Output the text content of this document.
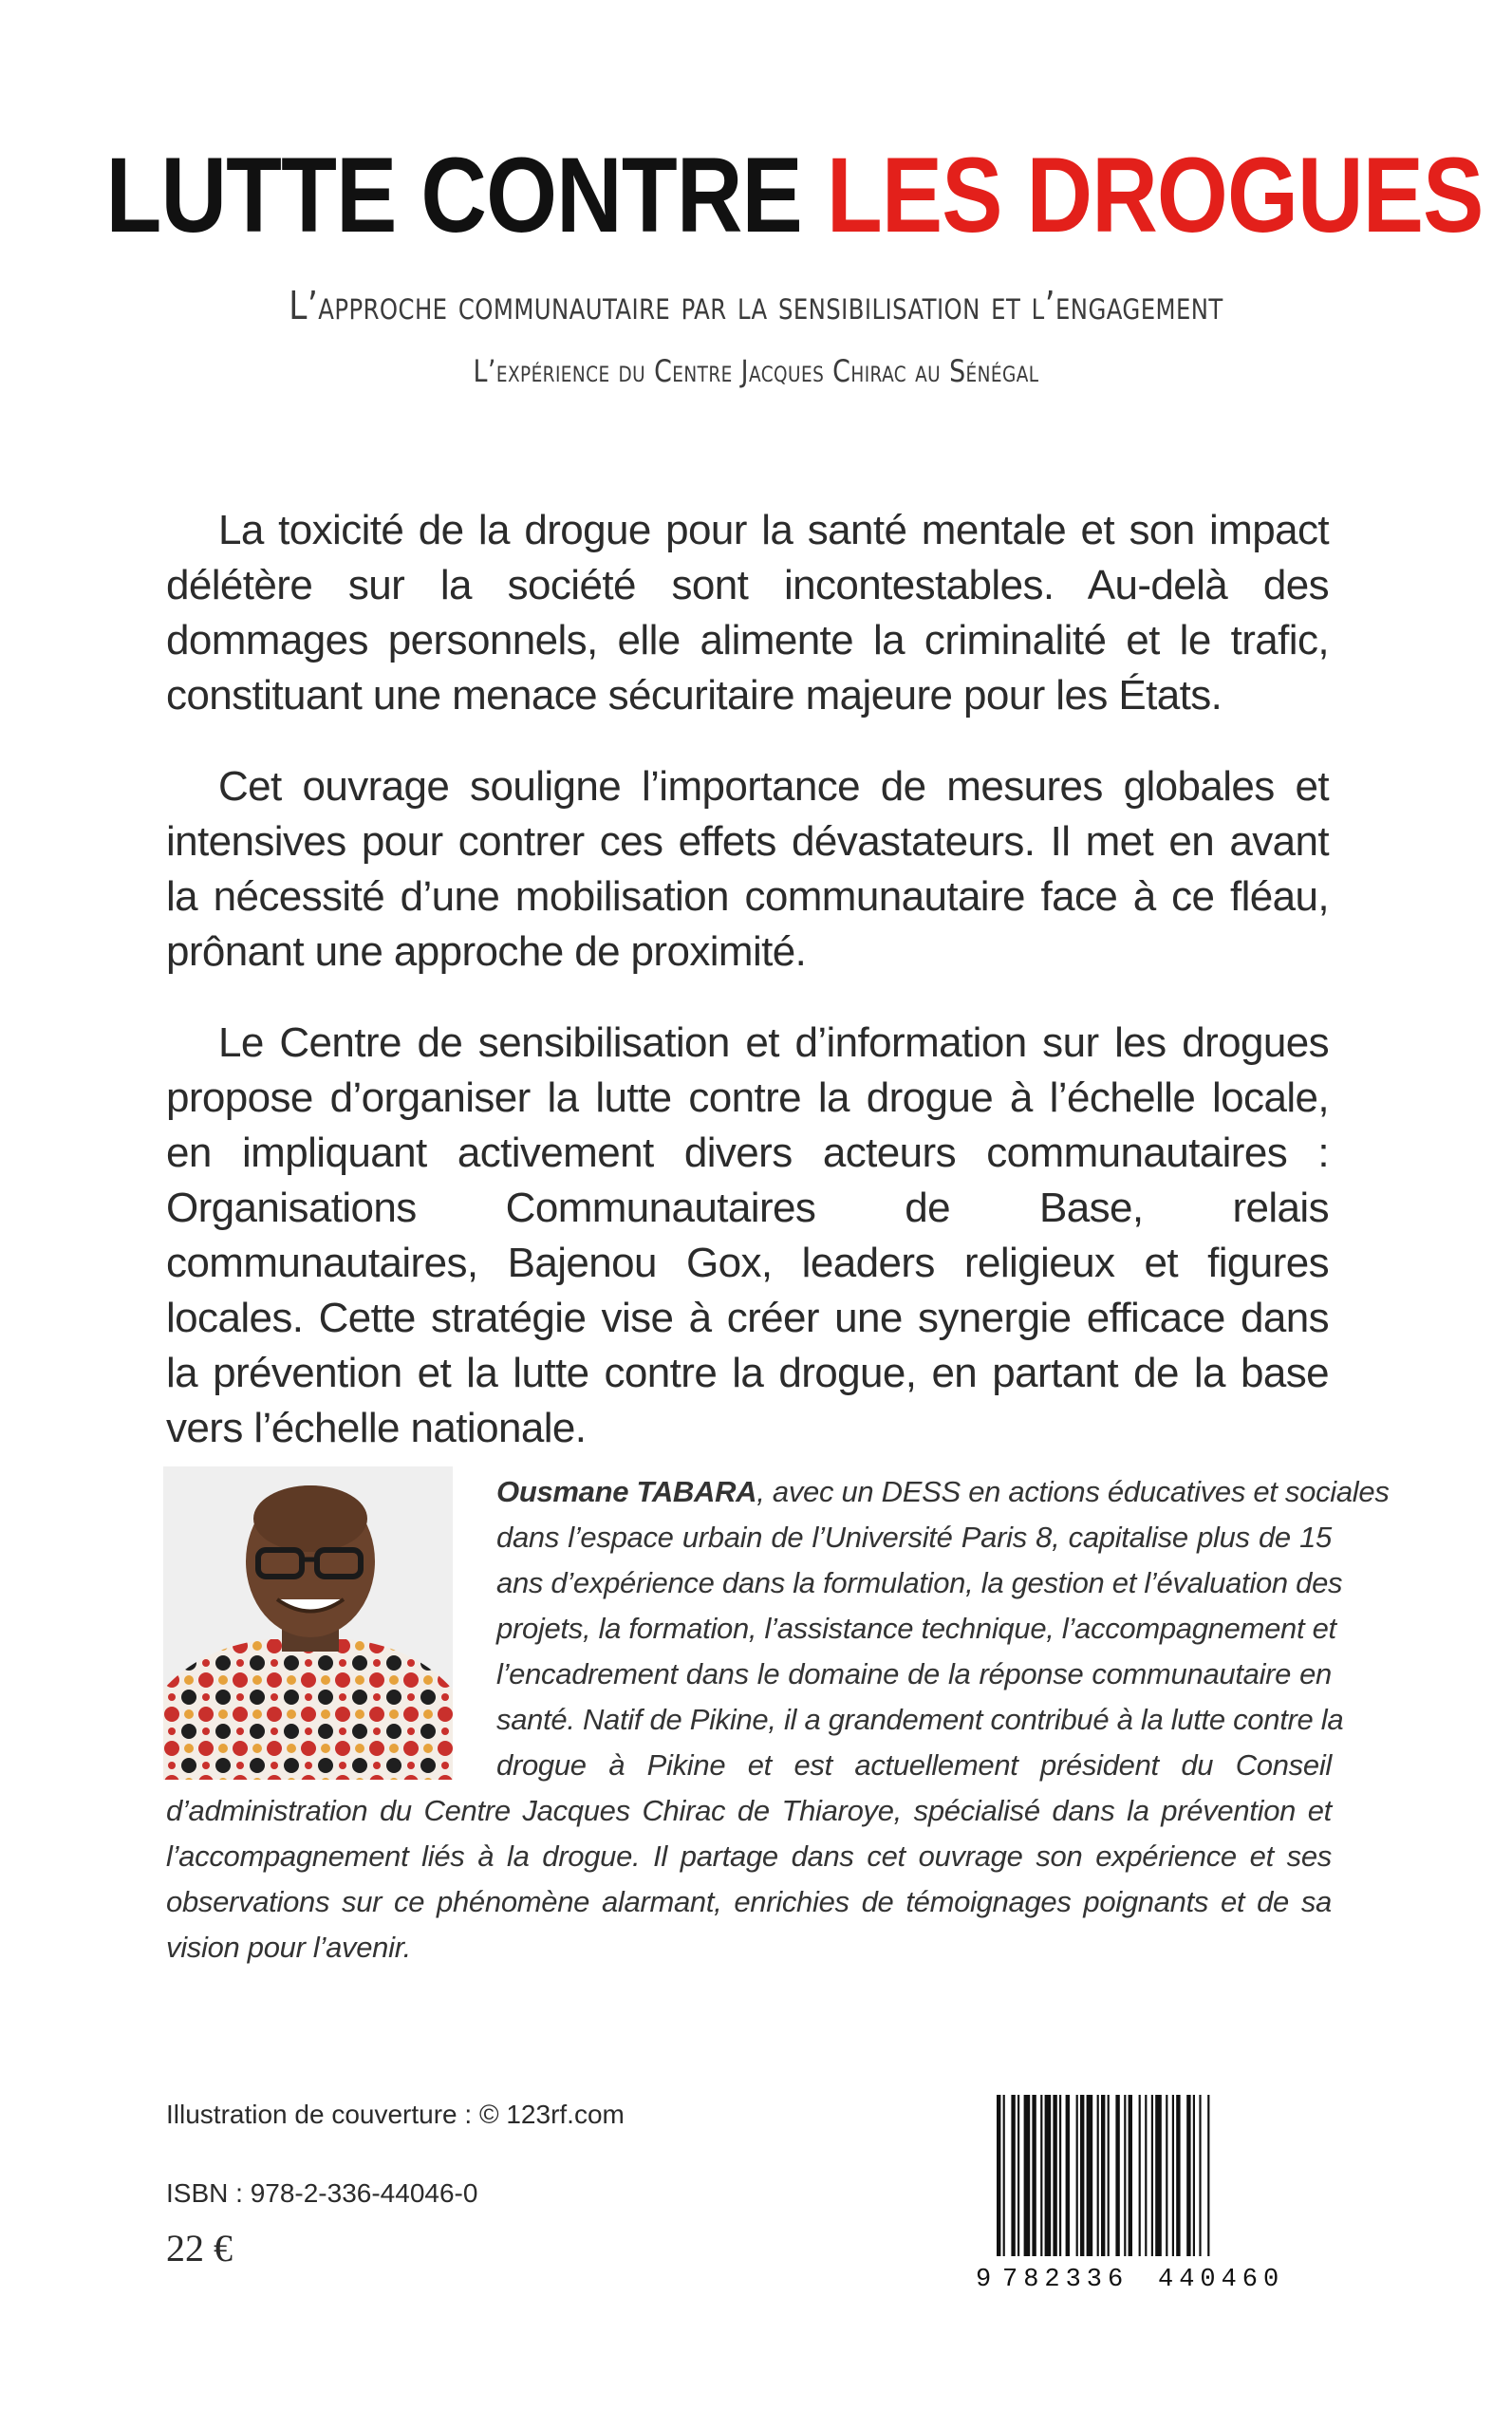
LUTTE CONTRE LES DROGUES
L’approche communautaire par la sensibilisation et l’engagement
L’expérience du Centre Jacques Chirac au Sénégal
La toxicité de la drogue pour la santé mentale et son impact délétère sur la société sont incontestables. Au-delà des dommages personnels, elle alimente la criminalité et le trafic, constituant une menace sécuritaire majeure pour les États.
Cet ouvrage souligne l’importance de mesures globales et intensives pour contrer ces effets dévastateurs. Il met en avant la nécessité d’une mobilisation communautaire face à ce fléau, prônant une approche de proximité.
Le Centre de sensibilisation et d’information sur les drogues propose d’organiser la lutte contre la drogue à l’échelle locale, en impliquant activement divers acteurs communautaires : Organisations Communautaires de Base, relais communautaires, Bajenou Gox, leaders religieux et figures locales. Cette stratégie vise à créer une synergie efficace dans la prévention et la lutte contre la drogue, en partant de la base vers l’échelle nationale.
Ousmane TABARA, avec un DESS en actions éducatives et sociales
dans l’espace urbain de l’Université Paris 8, capitalise plus de 15
ans d’expérience dans la formulation, la gestion et l’évaluation des
projets, la formation, l’assistance technique, l’accompagnement et
l’encadrement dans le domaine de la réponse communautaire en
santé. Natif de Pikine, il a grandement contribué à la lutte contre la
drogue à Pikine et est actuellement président du Conseil
d’administration du Centre Jacques Chirac de Thiaroye, spécialisé dans la prévention et
l’accompagnement liés à la drogue. Il partage dans cet ouvrage son expérience et ses
observations sur ce phénomène alarmant, enrichies de témoignages poignants et de sa
vision pour l’avenir.
Illustration de couverture : © 123rf.com
ISBN : 978-2-336-44046-0
22 €
9 782336 440460
